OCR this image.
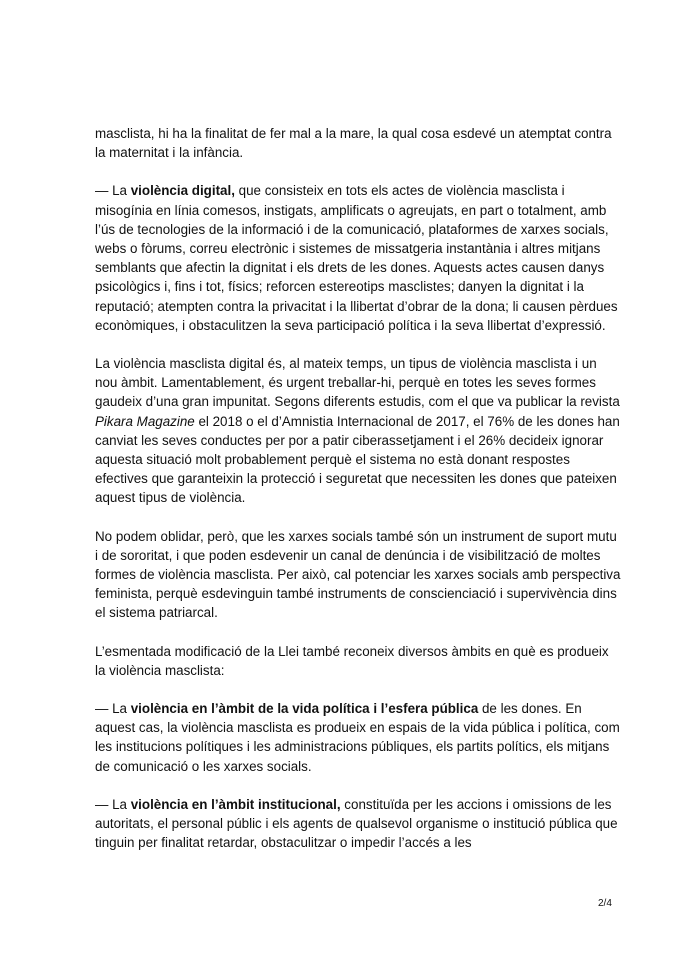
masclista, hi ha la finalitat de fer mal a la mare, la qual cosa esdevé un atemptat contra la maternitat i la infància.

— La violència digital, que consisteix en tots els actes de violència masclista i misogínia en línia comesos, instigats, amplificats o agreujats, en part o totalment, amb l’ús de tecnologies de la informació i de la comunicació, plataformes de xarxes socials, webs o fòrums, correu electrònic i sistemes de missatgeria instantània i altres mitjans semblants que afectin la dignitat i els drets de les dones. Aquests actes causen danys psicològics i, fins i tot, físics; reforcen estereotips masclistes; danyen la dignitat i la reputació; atempten contra la privacitat i la llibertat d’obrar de la dona; li causen pèrdues econòmiques, i obstaculitzen la seva participació política i la seva llibertat d’expressió.

La violència masclista digital és, al mateix temps, un tipus de violència masclista i un nou àmbit. Lamentablement, és urgent treballar-hi, perquè en totes les seves formes gaudeix d’una gran impunitat. Segons diferents estudis, com el que va publicar la revista Pikara Magazine el 2018 o el d’Amnistia Internacional de 2017, el 76% de les dones han canviat les seves conductes per por a patir ciberassetjament i el 26% decideix ignorar aquesta situació molt probablement perquè el sistema no està donant respostes efectives que garanteixin la protecció i seguretat que necessiten les dones que pateixen aquest tipus de violència.

No podem oblidar, però, que les xarxes socials també són un instrument de suport mutu i de sororitat, i que poden esdevenir un canal de denúncia i de visibilització de moltes formes de violència masclista. Per això, cal potenciar les xarxes socials amb perspectiva feminista, perquè esdevinguin també instruments de conscienciació i supervivència dins el sistema patriarcal.

L’esmentada modificació de la Llei també reconeix diversos àmbits en què es produeix la violència masclista:

— La violència en l’àmbit de la vida política i l’esfera pública de les dones. En aquest cas, la violència masclista es produeix en espais de la vida pública i política, com les institucions polítiques i les administracions públiques, els partits polítics, els mitjans de comunicació o les xarxes socials.

— La violència en l’àmbit institucional, constituïda per les accions i omissions de les autoritats, el personal públic i els agents de qualsevol organisme o institució pública que tinguin per finalitat retardar, obstaculitzar o impedir l’accés a les

2/4
